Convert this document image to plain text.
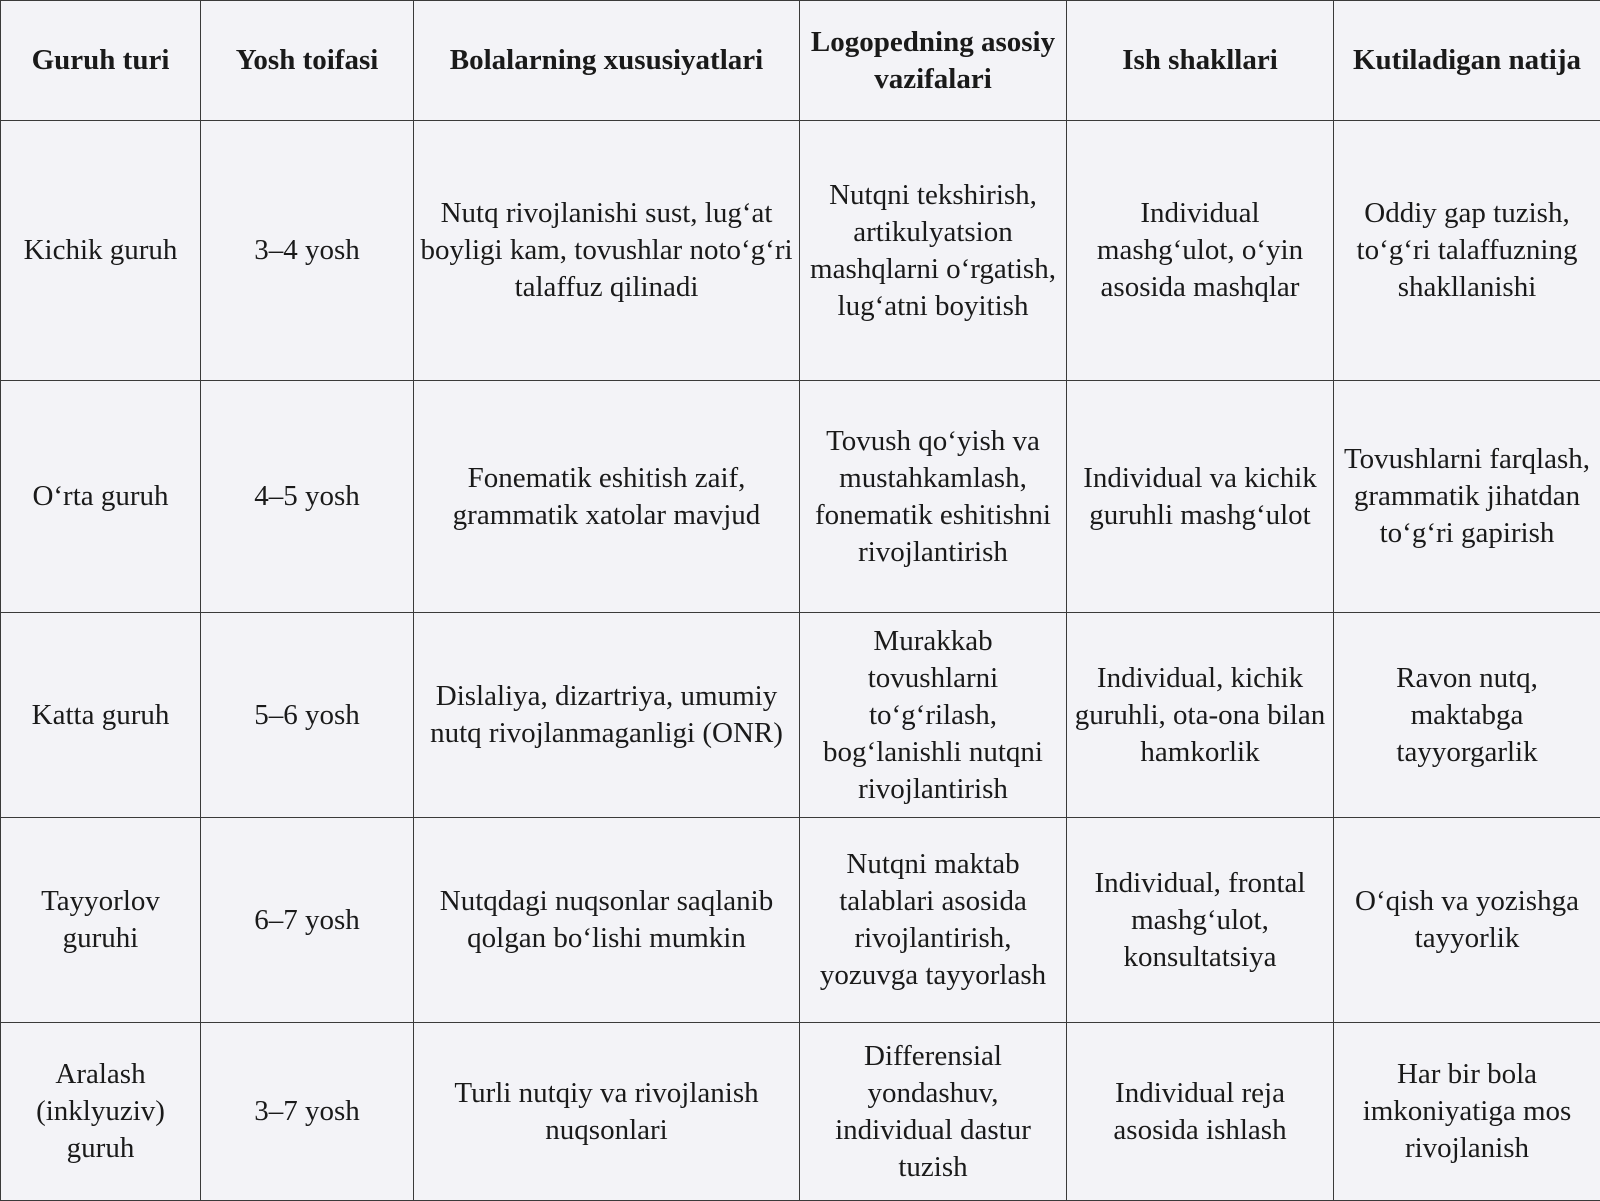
Guruh turi	Yosh toifasi	Bolalarning xususiyatlari	Logopedning asosiy vazifalari	Ish shakllari	Kutiladigan natija
Kichik guruh	3–4 yosh	Nutq rivojlanishi sust, lug‘at boyligi kam, tovushlar noto‘g‘ri talaffuz qilinadi	Nutqni tekshirish, artikulyatsion mashqlarni o‘rgatish, lug‘atni boyitish	Individual mashg‘ulot, o‘yin asosida mashqlar	Oddiy gap tuzish, to‘g‘ri talaffuzning shakllanishi
O‘rta guruh	4–5 yosh	Fonematik eshitish zaif, grammatik xatolar mavjud	Tovush qo‘yish va mustahkamlash, fonematik eshitishni rivojlantirish	Individual va kichik guruhli mashg‘ulot	Tovushlarni farqlash, grammatik jihatdan to‘g‘ri gapirish
Katta guruh	5–6 yosh	Dislaliya, dizartriya, umumiy nutq rivojlanmaganligi (ONR)	Murakkab tovushlarni to‘g‘rilash, bog‘lanishli nutqni rivojlantirish	Individual, kichik guruhli, ota-ona bilan hamkorlik	Ravon nutq, maktabga tayyorgarlik
Tayyorlov guruhi	6–7 yosh	Nutqdagi nuqsonlar saqlanib qolgan bo‘lishi mumkin	Nutqni maktab talablari asosida rivojlantirish, yozuvga tayyorlash	Individual, frontal mashg‘ulot, konsultatsiya	O‘qish va yozishga tayyorlik
Aralash (inklyuziv) guruh	3–7 yosh	Turli nutqiy va rivojlanish nuqsonlari	Differensial yondashuv, individual dastur tuzish	Individual reja asosida ishlash	Har bir bola imkoniyatiga mos rivojlanish
